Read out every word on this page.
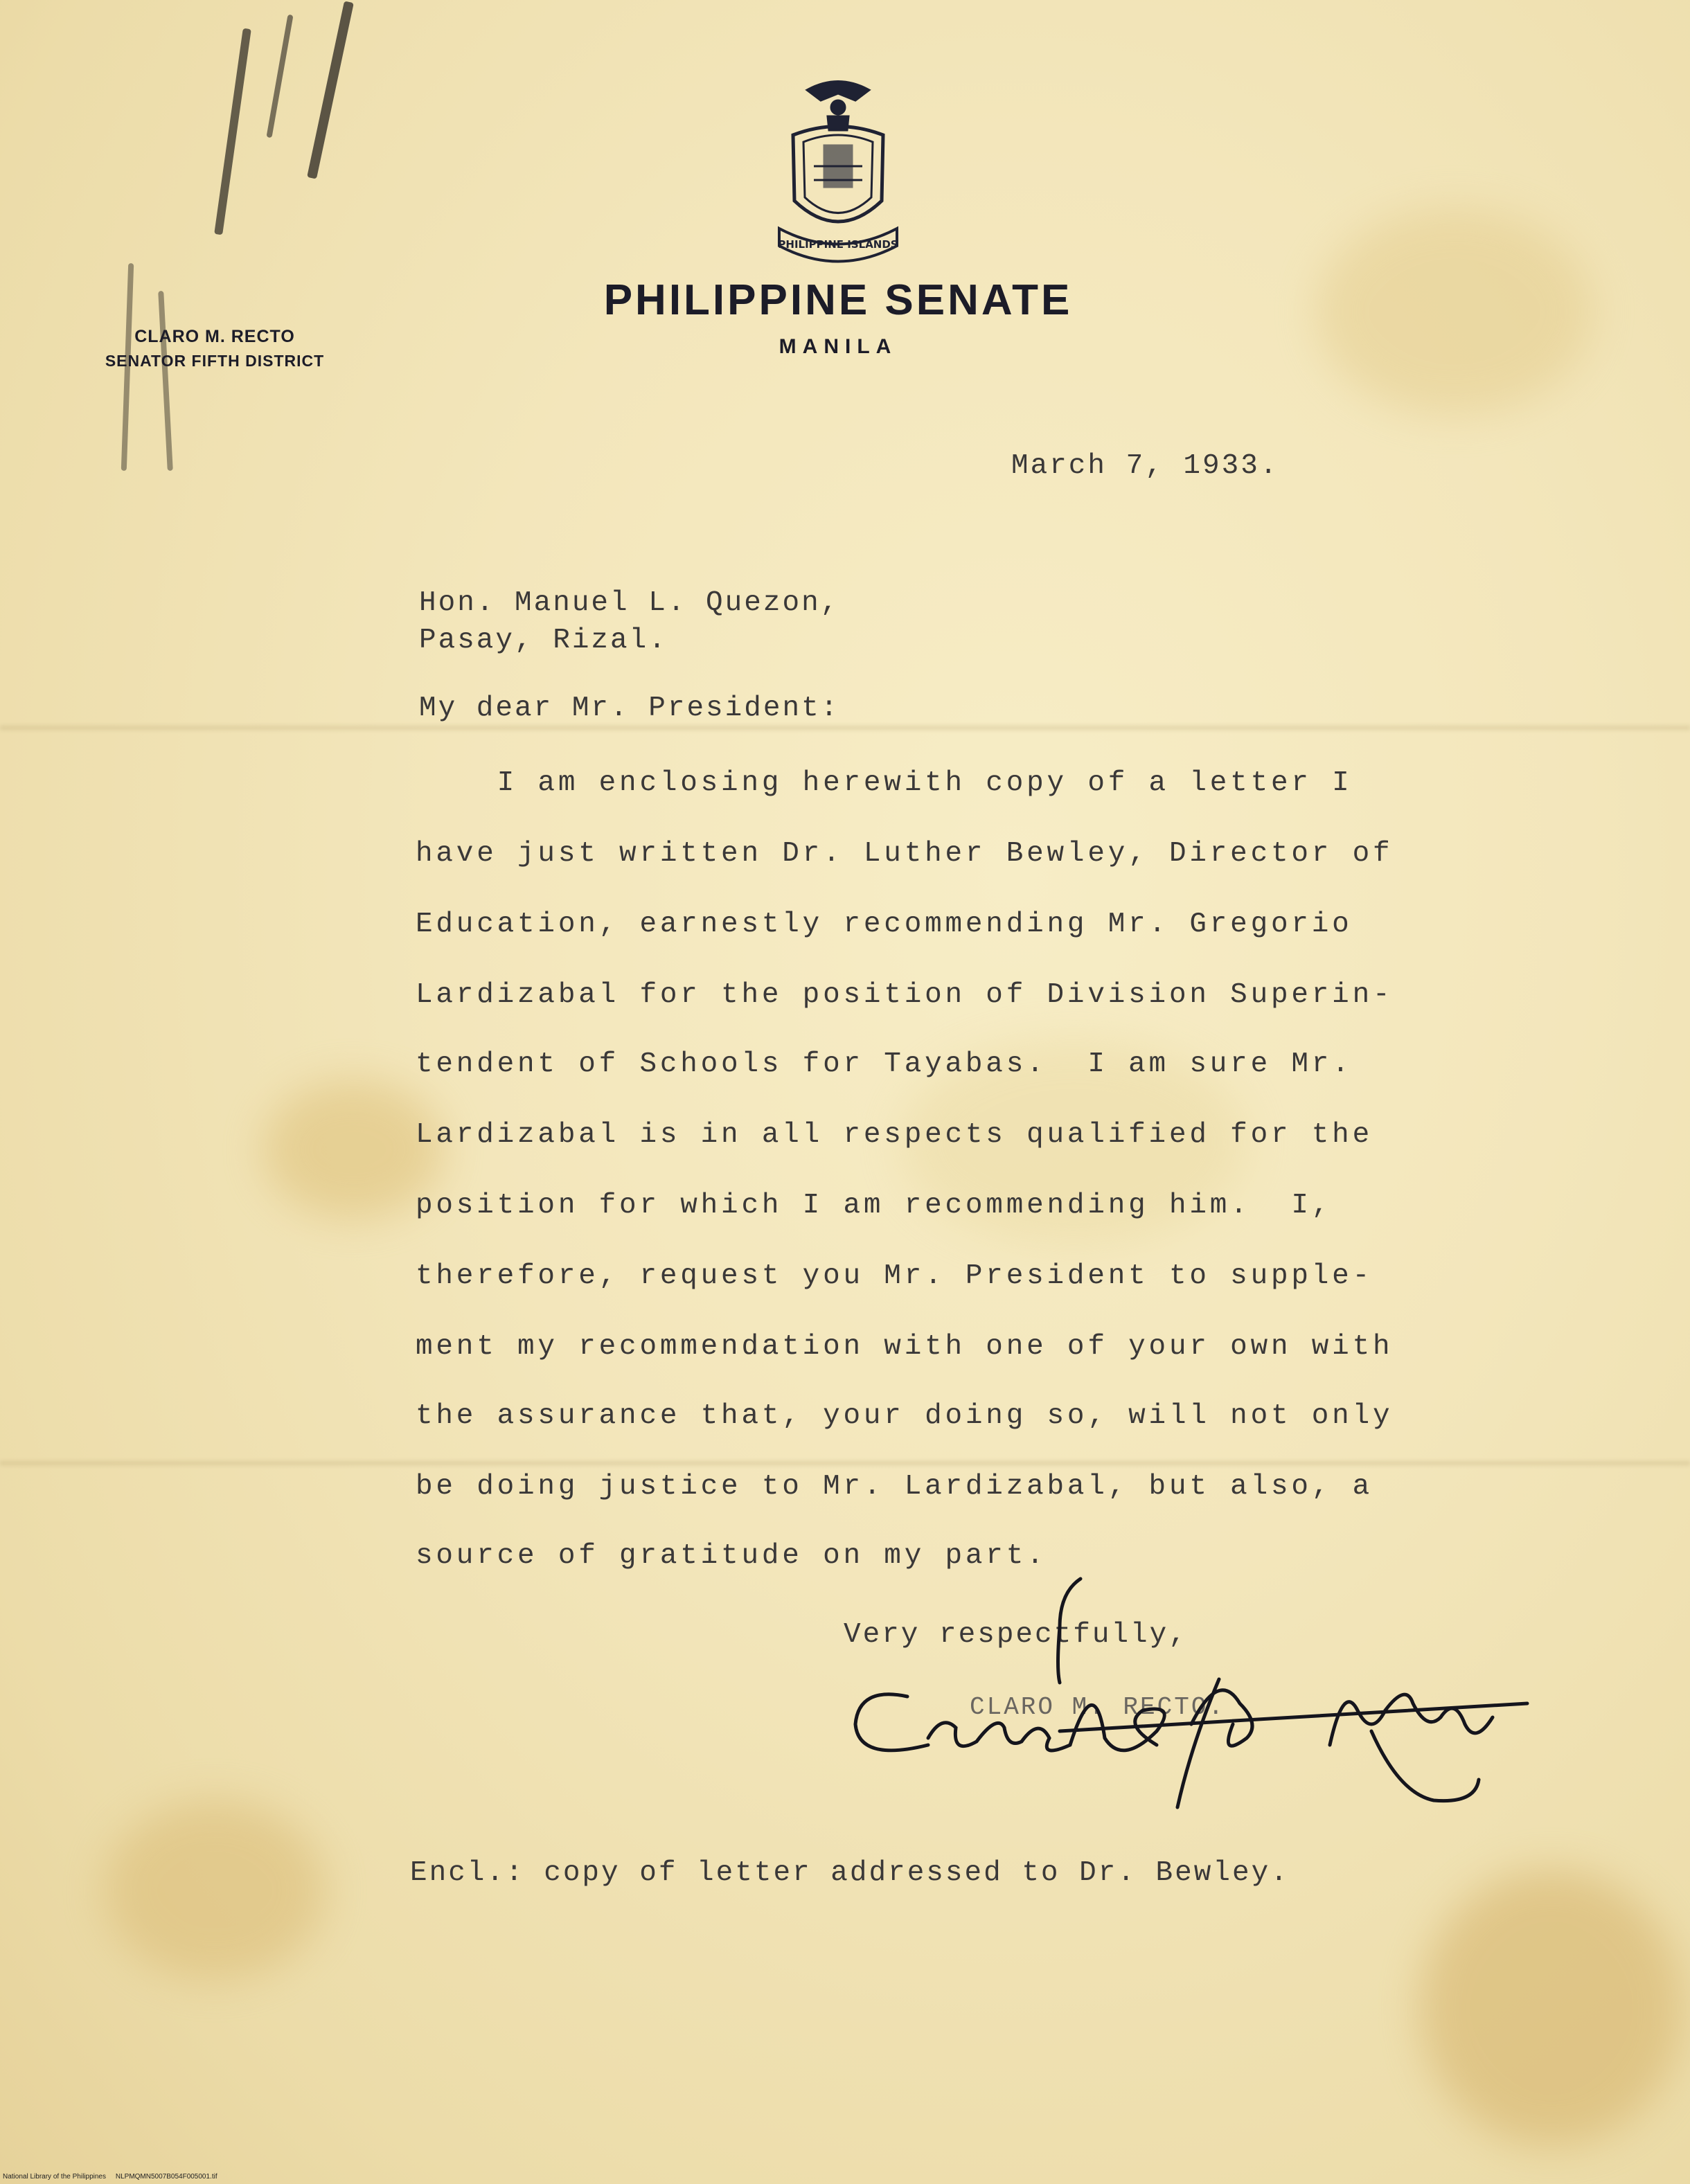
PHILIPPINE ISLANDS
PHILIPPINE SENATE
MANILA
CLARO M. RECTO
SENATOR FIFTH DISTRICT
March 7, 1933.
Hon. Manuel L. Quezon,
Pasay, Rizal.
My dear Mr. President:
I am enclosing herewith copy of a letter I
have just written Dr. Luther Bewley, Director of
Education, earnestly recommending Mr. Gregorio
Lardizabal for the position of Division Superin-
tendent of Schools for Tayabas.  I am sure Mr.
Lardizabal is in all respects qualified for the
position for which I am recommending him.  I,
therefore, request you Mr. President to supple-
ment my recommendation with one of your own with
the assurance that, your doing so, will not only
be doing justice to Mr. Lardizabal, but also, a
source of gratitude on my part.
Very respectfully,
CLARO M. RECTO.
Encl.: copy of letter addressed to Dr. Bewley.
National Library of the Philippines     NLPMQMN5007B054F005001.tif
